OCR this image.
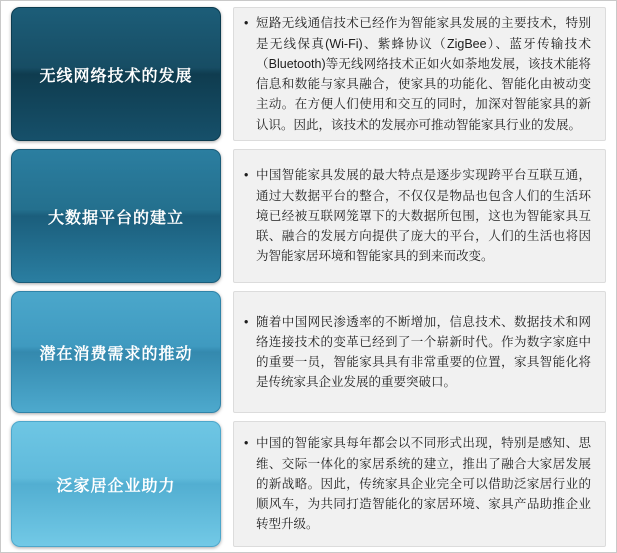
无线网络技术的发展
• 短路无线通信技术已经作为智能家具发展的主要技术，特别是无线保真(Wi-Fi)、紫蜂协议（ZigBee）、蓝牙传输技术（Bluetooth)等无线网络技术正如火如荼地发展，该技术能将信息和数能与家具融合，使家具的功能化、智能化由被动变主动。在方便人们使用和交互的同时，加深对智能家具的新认识。因此，该技术的发展亦可推动智能家具行业的发展。
大数据平台的建立
• 中国智能家具发展的最大特点是逐步实现跨平台互联互通，通过大数据平台的整合，不仅仅是物品也包含人们的生活环境已经被互联网笼罩下的大数据所包围，这也为智能家具互联、融合的发展方向提供了庞大的平台，人们的生活也将因为智能家居环境和智能家具的到来而改变。
潜在消费需求的推动
• 随着中国网民渗透率的不断增加，信息技术、数据技术和网络连接技术的变革已经到了一个崭新时代。作为数字家庭中的重要一员，智能家具具有非常重要的位置，家具智能化将是传统家具企业发展的重要突破口。
泛家居企业助力
• 中国的智能家具每年都会以不同形式出现，特别是感知、思维、交际一体化的家居系统的建立，推出了融合大家居发展的新战略。因此，传统家具企业完全可以借助泛家居行业的顺风车，为共同打造智能化的家居环境、家具产品助推企业转型升级。
